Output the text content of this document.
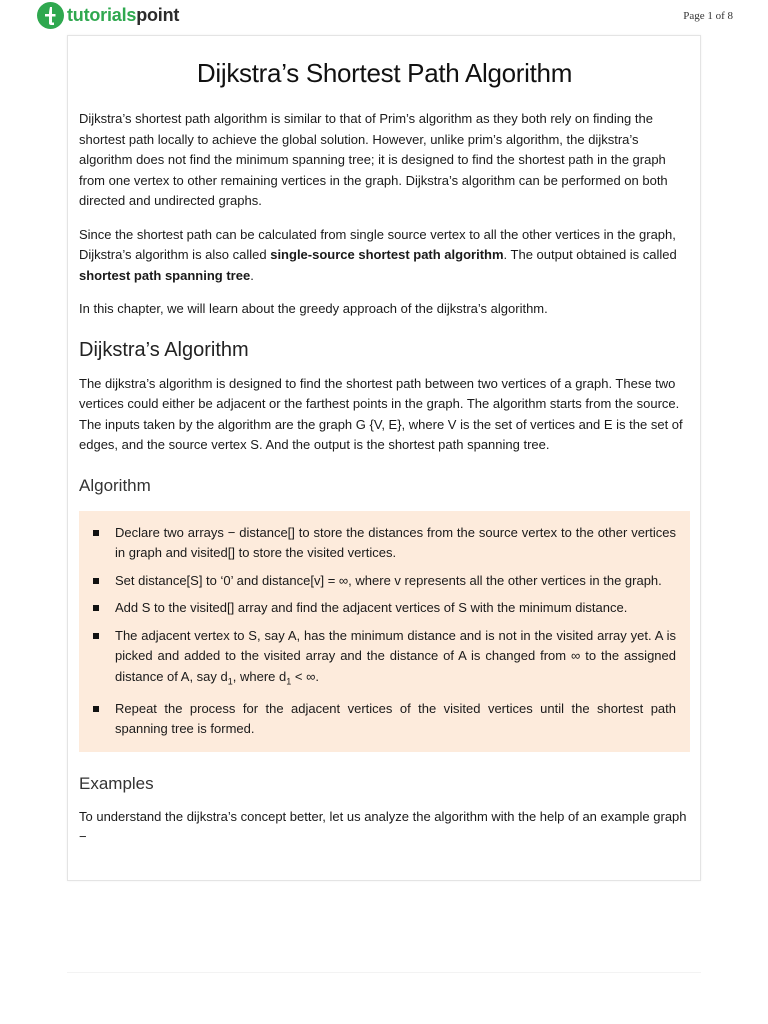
tutorialspoint	Page 1 of 8
Dijkstra’s Shortest Path Algorithm

Dijkstra’s shortest path algorithm is similar to that of Prim’s algorithm as they both rely on finding the shortest path locally to achieve the global solution. However, unlike prim’s algorithm, the dijkstra’s algorithm does not find the minimum spanning tree; it is designed to find the shortest path in the graph from one vertex to other remaining vertices in the graph. Dijkstra’s algorithm can be performed on both directed and undirected graphs.

Since the shortest path can be calculated from single source vertex to all the other vertices in the graph, Dijkstra’s algorithm is also called single-source shortest path algorithm. The output obtained is called shortest path spanning tree.

In this chapter, we will learn about the greedy approach of the dijkstra’s algorithm.

Dijkstra’s Algorithm

The dijkstra’s algorithm is designed to find the shortest path between two vertices of a graph. These two vertices could either be adjacent or the farthest points in the graph. The algorithm starts from the source. The inputs taken by the algorithm are the graph G {V, E}, where V is the set of vertices and E is the set of edges, and the source vertex S. And the output is the shortest path spanning tree.

Algorithm
Declare two arrays − distance[] to store the distances from the source vertex to the other vertices in graph and visited[] to store the visited vertices.
Set distance[S] to ‘0’ and distance[v] = ∞, where v represents all the other vertices in the graph.
Add S to the visited[] array and find the adjacent vertices of S with the minimum distance.
The adjacent vertex to S, say A, has the minimum distance and is not in the visited array yet. A is picked and added to the visited array and the distance of A is changed from ∞ to the assigned distance of A, say $d_1$, where $d_1$ < ∞.
Repeat the process for the adjacent vertices of the visited vertices until the shortest path spanning tree is formed.
Examples

To understand the dijkstra’s concept better, let us analyze the algorithm with the help of an example graph −
